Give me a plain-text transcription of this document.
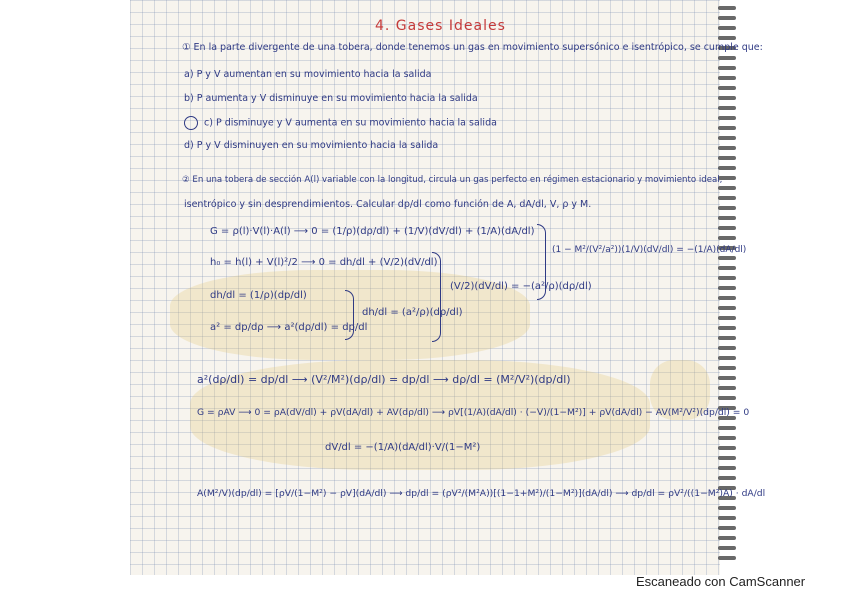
4. Gases Ideales
① En la parte divergente de una tobera, donde tenemos un gas en movimiento supersónico e isentrópico, se cumple que:
a) P y V aumentan en su movimiento hacia la salida
b) P aumenta y V disminuye en su movimiento hacia la salida
c) P disminuye y V aumenta en su movimiento hacia la salida
d) P y V disminuyen en su movimiento hacia la salida
② En una tobera de sección A(l) variable con la longitud, circula un gas perfecto en régimen estacionario y movimiento ideal,
isentrópico y sin desprendimientos. Calcular dp/dl como función de A, dA/dl, V, ρ y M.
G = ρ(l)·V(l)·A(l) ⟶ 0 = (1/ρ)(dρ/dl) + (1/V)(dV/dl) + (1/A)(dA/dl)
h₀ = h(l) + V(l)²/2 ⟶ 0 = dh/dl + (V/2)(dV/dl)
dh/dl = (1/ρ)(dp/dl)
a² = dp/dρ ⟶ a²(dρ/dl) = dp/dl
dh/dl = (a²/ρ)(dρ/dl)
(V/2)(dV/dl) = −(a²/ρ)(dρ/dl)
(1 − M²/(V²/a²))(1/V)(dV/dl) = −(1/A)(dA/dl)
a²(dρ/dl) = dp/dl ⟶ (V²/M²)(dρ/dl) = dp/dl ⟶ dρ/dl = (M²/V²)(dp/dl)
G = ρAV ⟶ 0 = ρA(dV/dl) + ρV(dA/dl) + AV(dρ/dl) ⟶ ρV[(1/A)(dA/dl) · (−V)/(1−M²)] + ρV(dA/dl) − AV(M²/V²)(dp/dl) = 0
dV/dl = −(1/A)(dA/dl)·V/(1−M²)
A(M²/V)(dp/dl) = [ρV/(1−M²) − ρV](dA/dl) ⟶ dp/dl = (ρV²/(M²A))[(1−1+M²)/(1−M²)](dA/dl) ⟶ dp/dl = ρV²/((1−M²)A) · dA/dl
Escaneado con CamScanner
